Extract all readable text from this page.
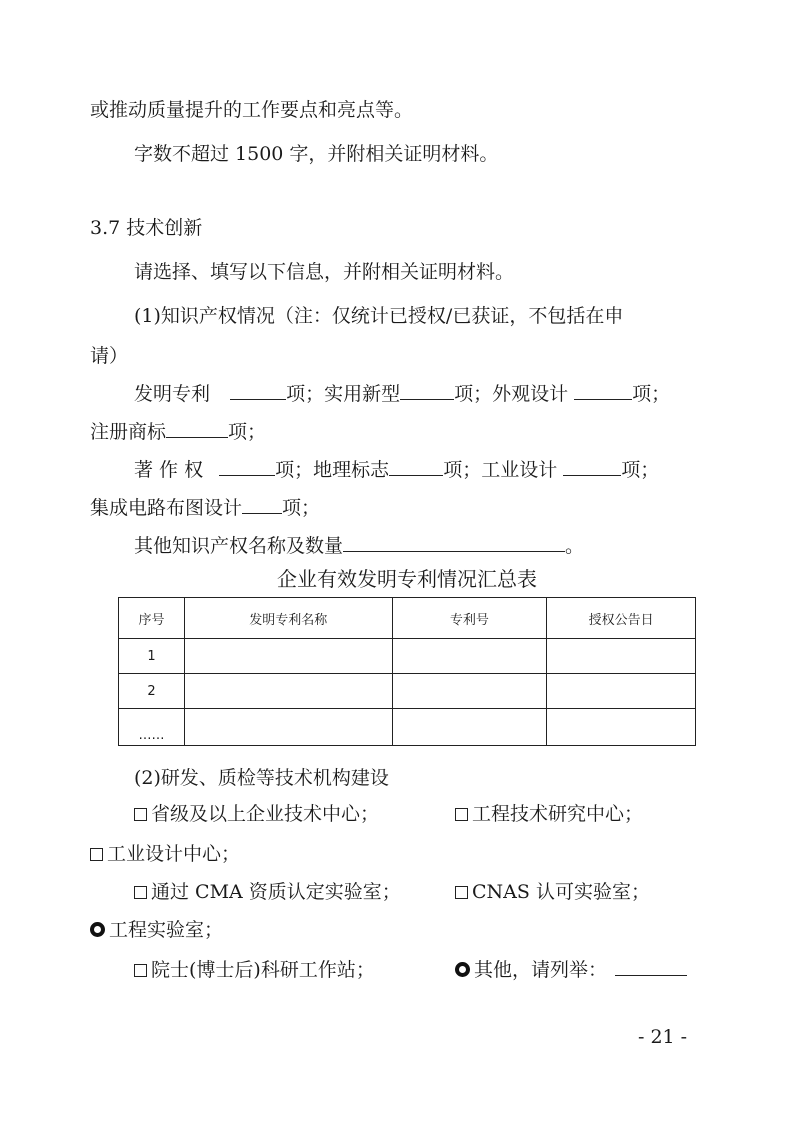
或推动质量提升的工作要点和亮点等。
字数不超过 1500 字，并附相关证明材料。
3.7 技术创新
请选择、填写以下信息，并附相关证明材料。
(1)知识产权情况（注：仅统计已授权/已获证，不包括在申
请）
发明专利	项；实用新型	项；外观设计	项；
注册商标	项；
著 作 权	项；地理标志	项；工业设计	项；
集成电路布图设计 项；
其他知识产权名称及数量	。
企业有效发明专利情况汇总表
序号	发明专利名称	专利号	授权公告日
1			
2			
……			
(2)研发、质检等技术机构建设
省级及以上企业技术中心；	工程技术研究中心；
工业设计中心；
通过 CMA 资质认定实验室；	CNAS 认可实验室；
工程实验室；
院士(博士后)科研工作站；	其他，请列举：
- 21 -
